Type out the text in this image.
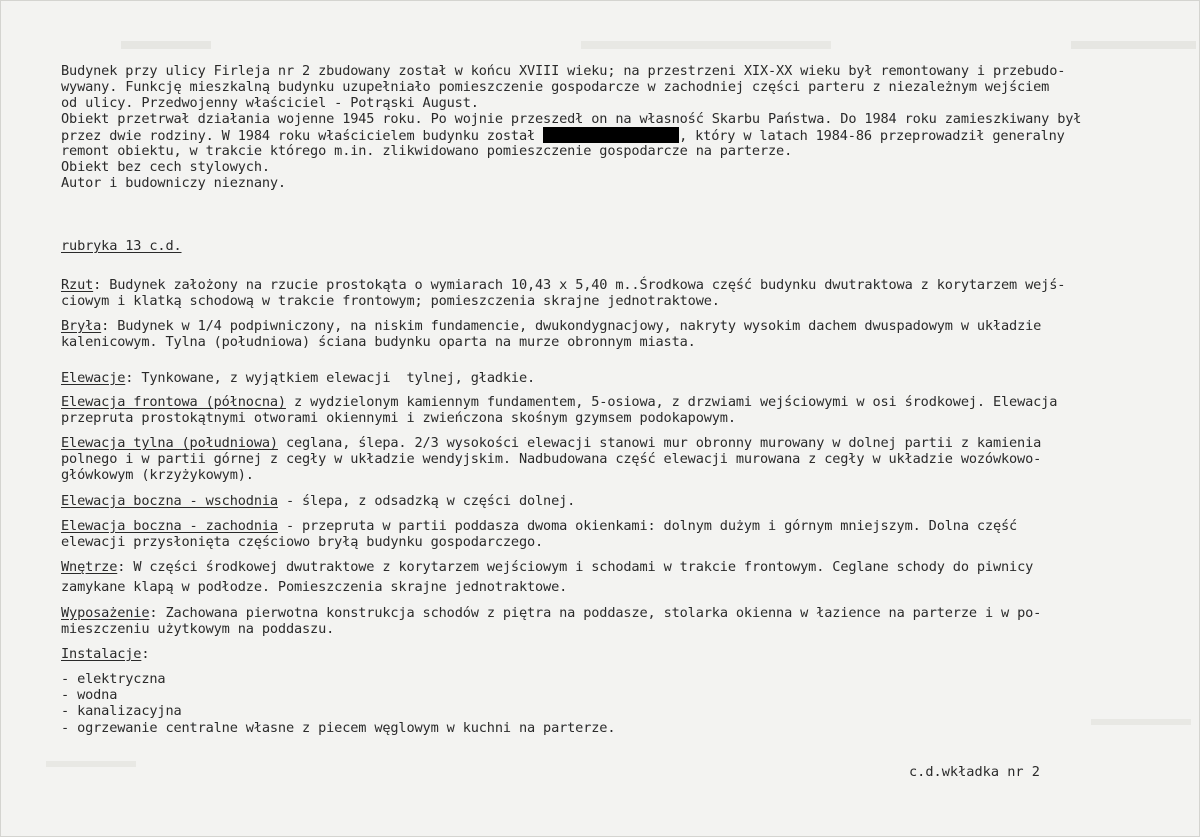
Budynek przy ulicy Firleja nr 2 zbudowany został w końcu XVIII wieku; na przestrzeni XIX-XX wieku był remontowany i przebudo-
wywany. Funkcję mieszkalną budynku uzupełniało pomieszczenie gospodarcze w zachodniej części parteru z niezależnym wejściem
od ulicy. Przedwojenny właściciel - Potrąski August.
Obiekt przetrwał działania wojenne 1945 roku. Po wojnie przeszedł on na własność Skarbu Państwa. Do 1984 roku zamieszkiwany był
przez dwie rodziny. W 1984 roku właścicielem budynku został	, który w latach 1984-86 przeprowadził generalny
remont obiektu, w trakcie którego m.in. zlikwidowano pomieszczenie gospodarcze na parterze.
Obiekt bez cech stylowych.
Autor i budowniczy nieznany.
rubryka 13 c.d.
Rzut: Budynek założony na rzucie prostokąta o wymiarach 10,43 x 5,40 m..Środkowa część budynku dwutraktowa z korytarzem wejś-
ciowym i klatką schodową w trakcie frontowym; pomieszczenia skrajne jednotraktowe.
Bryła: Budynek w 1/4 podpiwniczony, na niskim fundamencie, dwukondygnacjowy, nakryty wysokim dachem dwuspadowym w układzie
kalenicowym. Tylna (południowa) ściana budynku oparta na murze obronnym miasta.
Elewacje: Tynkowane, z wyjątkiem elewacji  tylnej, gładkie.
Elewacja frontowa (północna) z wydzielonym kamiennym fundamentem, 5-osiowa, z drzwiami wejściowymi w osi środkowej. Elewacja
przepruta prostokątnymi otworami okiennymi i zwieńczona skośnym gzymsem podokapowym.
Elewacja tylna (południowa) ceglana, ślepa. 2/3 wysokości elewacji stanowi mur obronny murowany w dolnej partii z kamienia
polnego i w partii górnej z cegły w układzie wendyjskim. Nadbudowana część elewacji murowana z cegły w układzie wozówkowo-
główkowym (krzyżykowym).
Elewacja boczna - wschodnia - ślepa, z odsadzką w części dolnej.
Elewacja boczna - zachodnia - przepruta w partii poddasza dwoma okienkami: dolnym dużym i górnym mniejszym. Dolna część
elewacji przysłonięta częściowo bryłą budynku gospodarczego.
Wnętrze: W części środkowej dwutraktowe z korytarzem wejściowym i schodami w trakcie frontowym. Ceglane schody do piwnicy
zamykane klapą w podłodze. Pomieszczenia skrajne jednotraktowe.
Wyposażenie: Zachowana pierwotna konstrukcja schodów z piętra na poddasze, stolarka okienna w łazience na parterze i w po-
mieszczeniu użytkowym na poddaszu.
Instalacje:
- elektryczna
- wodna
- kanalizacyjna
- ogrzewanie centralne własne z piecem węglowym w kuchni na parterze.
c.d.wkładka nr 2
